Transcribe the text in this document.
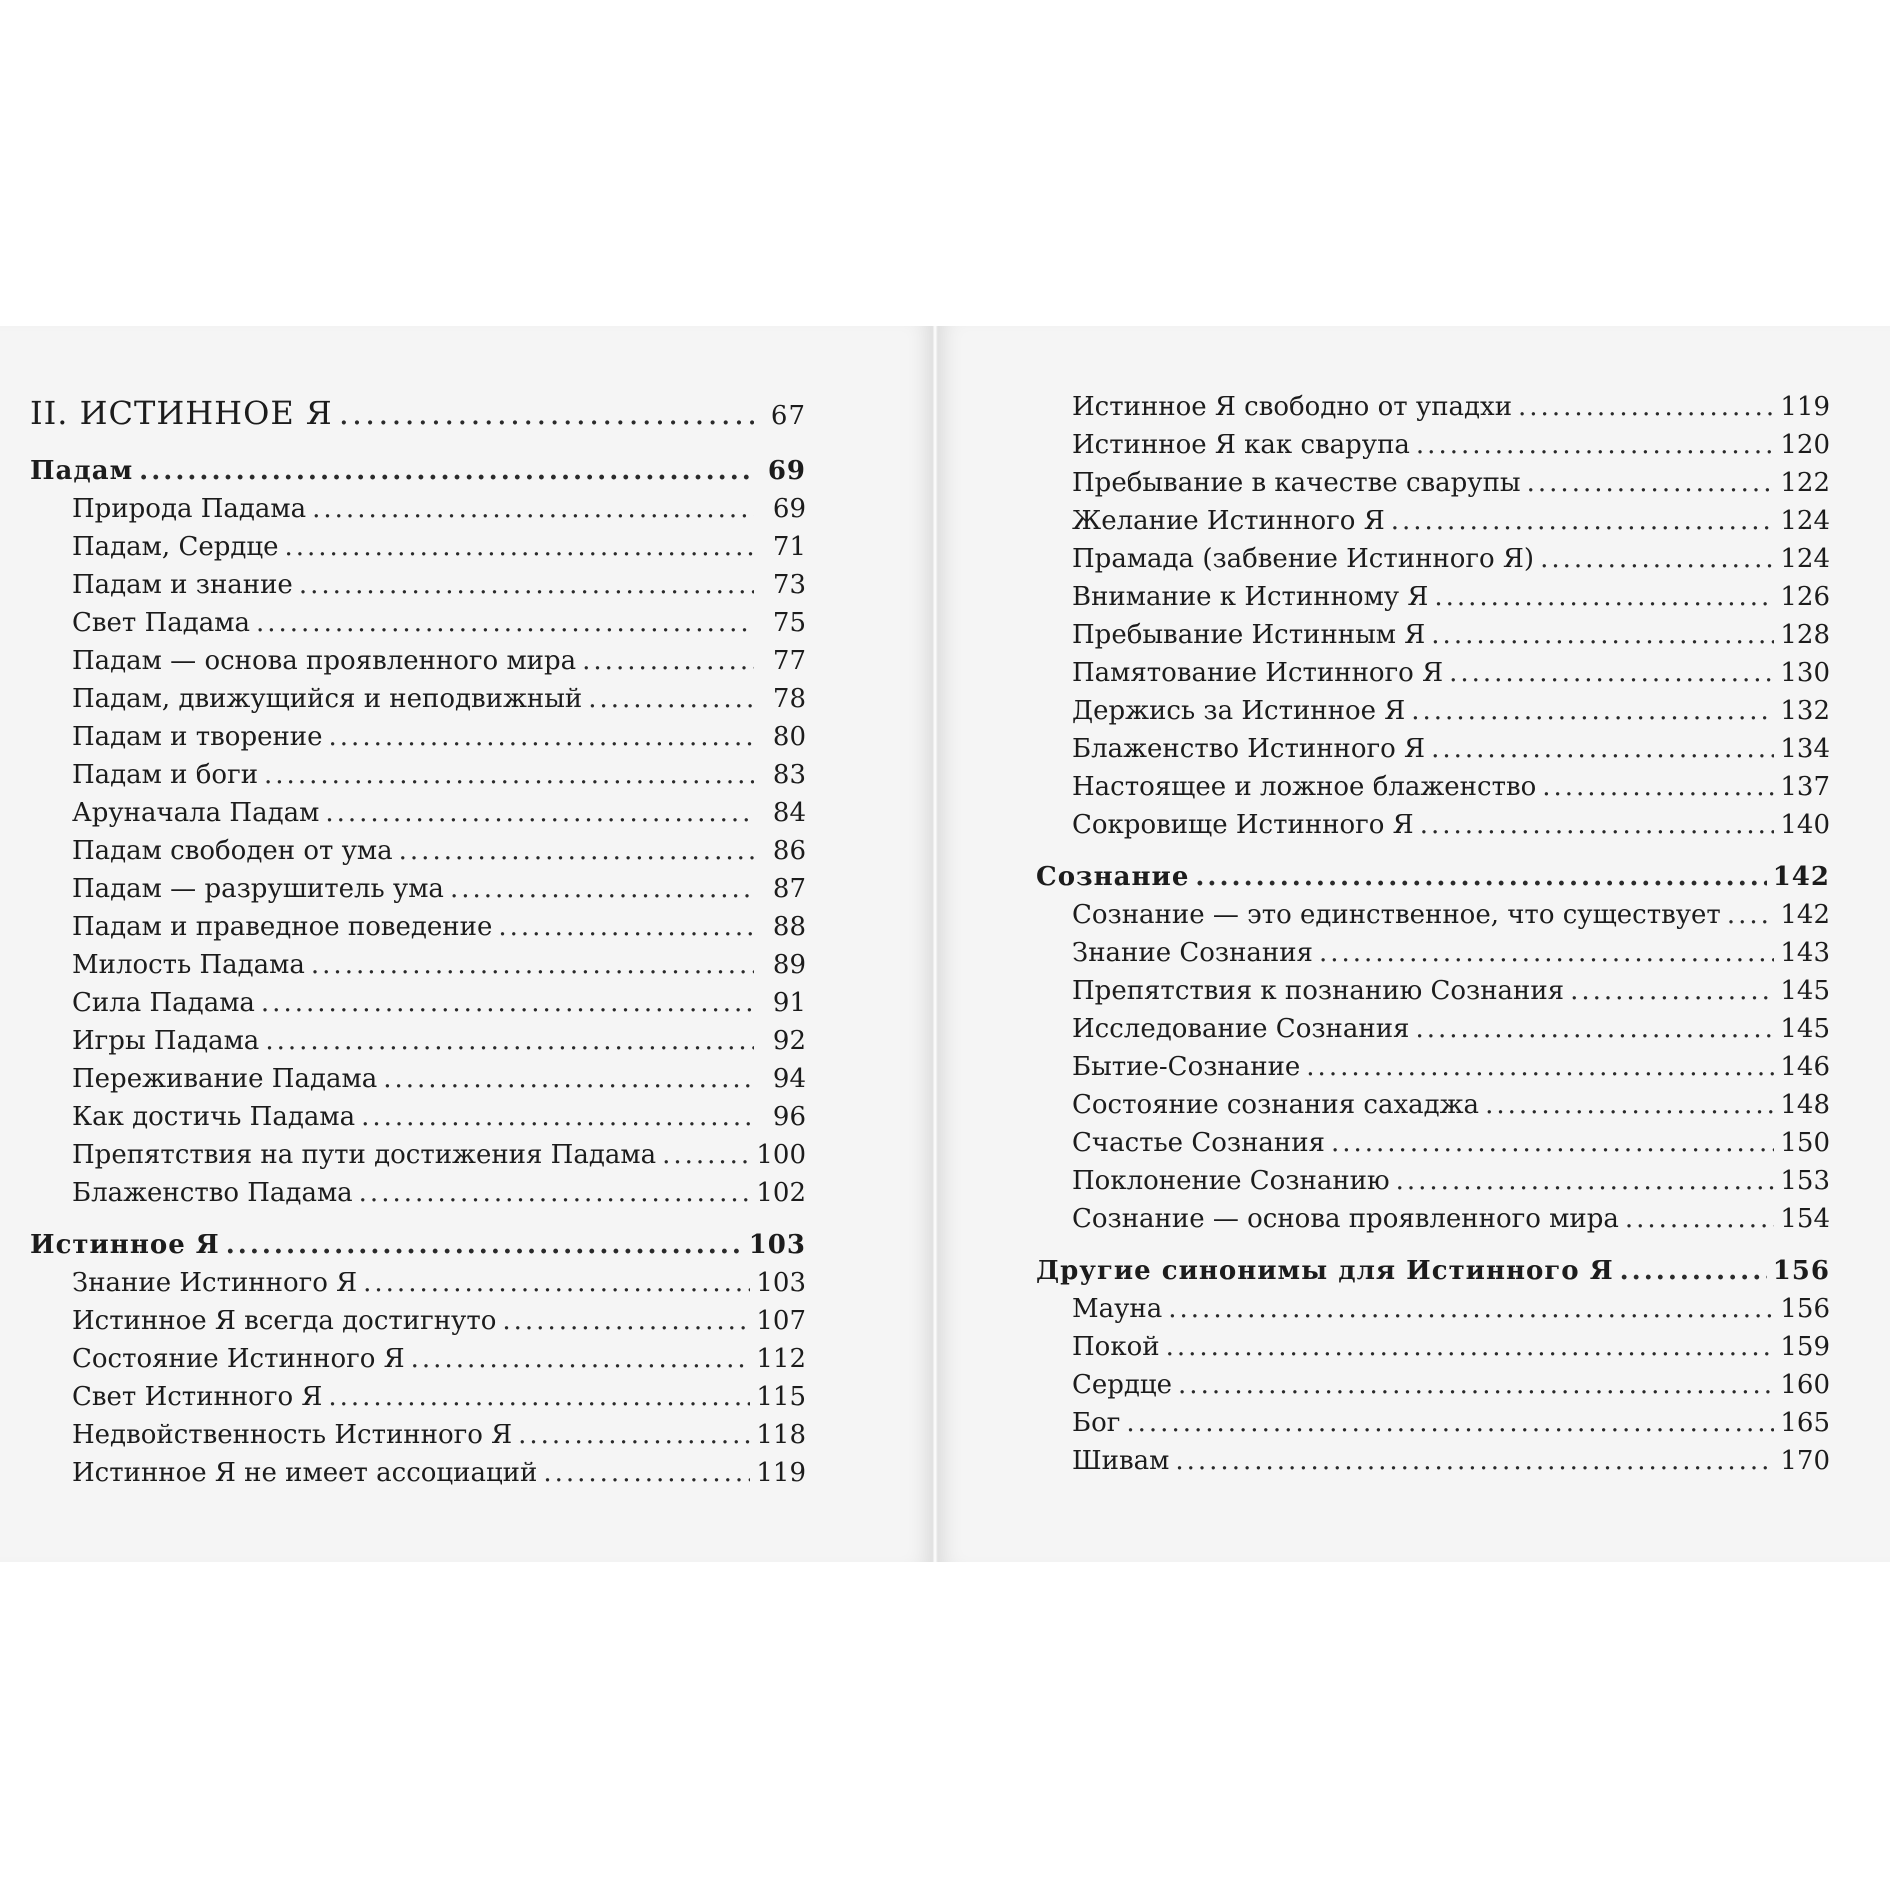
II. ИСТИННОЕ Я .....	67
Падам .....	69
Природа Падама .....	69
Падам, Сердце .....	71
Падам и знание .....	73
Свет Падама .....	75
Падам — основа проявленного мира .....	77
Падам, движущийся и неподвижный .....	78
Падам и творение .....	80
Падам и боги .....	83
Аруначала Падам .....	84
Падам свободен от ума .....	86
Падам — разрушитель ума .....	87
Падам и праведное поведение .....	88
Милость Падама .....	89
Сила Падама .....	91
Игры Падама .....	92
Переживание Падама .....	94
Как достичь Падама .....	96
Препятствия на пути достижения Падама .....	100
Блаженство Падама .....	102
Истинное Я .....	103
Знание Истинного Я .....	103
Истинное Я всегда достигнуто .....	107
Состояние Истинного Я .....	112
Свет Истинного Я .....	115
Недвойственность Истинного Я .....	118
Истинное Я не имеет ассоциаций .....	119
Истинное Я свободно от упадхи .....	119
Истинное Я как сварупа .....	120
Пребывание в качестве сварупы .....	122
Желание Истинного Я .....	124
Прамада (забвение Истинного Я) .....	124
Внимание к Истинному Я .....	126
Пребывание Истинным Я .....	128
Памятование Истинного Я .....	130
Держись за Истинное Я .....	132
Блаженство Истинного Я .....	134
Настоящее и ложное блаженство .....	137
Сокровище Истинного Я .....	140
Сознание .....	142
Сознание — это единственное, что существует ..... 142
Знание Сознания .....	143
Препятствия к познанию Сознания .....	145
Исследование Сознания .....	145
Бытие-Сознание .....	146
Состояние сознания сахаджа .....	148
Счастье Сознания .....	150
Поклонение Сознанию .....	153
Сознание — основа проявленного мира .....	154
Другие синонимы для Истинного Я .....	156
Мауна .....	156
Покой .....	159
Сердце .....	160
Бог .....	165
Шивам .....	170
